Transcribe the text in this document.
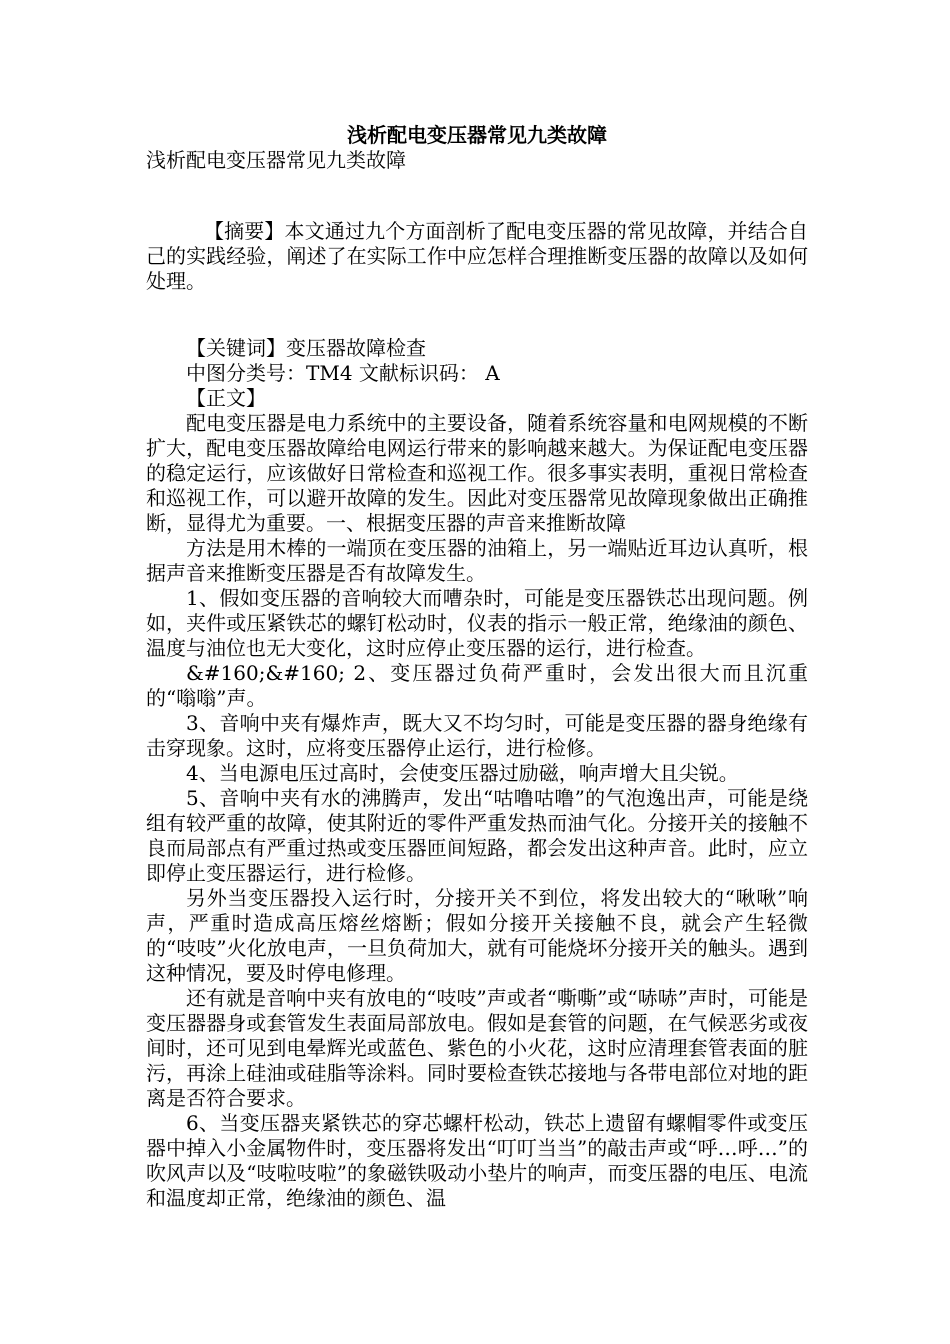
浅析配电变压器常见九类故障

浅析配电变压器常见九类故障

【摘要】本文通过九个方面剖析了配电变压器的常见故障，并结合自己的实践经验，阐述了在实际工作中应怎样合理推断变压器的故障以及如何处理。

【关键词】变压器故障检查

中图分类号：TM4 文献标识码： A

【正文】

配电变压器是电力系统中的主要设备，随着系统容量和电网规模的不断扩大，配电变压器故障给电网运行带来的影响越来越大。为保证配电变压器的稳定运行，应该做好日常检查和巡视工作。很多事实表明，重视日常检查和巡视工作，可以避开故障的发生。因此对变压器常见故障现象做出正确推断，显得尤为重要。一、根据变压器的声音来推断故障

方法是用木棒的一端顶在变压器的油箱上，另一端贴近耳边认真听，根据声音来推断变压器是否有故障发生。

1、假如变压器的音响较大而嘈杂时，可能是变压器铁芯出现问题。例如，夹件或压紧铁芯的螺钉松动时，仪表的指示一般正常，绝缘油的颜色、温度与油位也无大变化，这时应停止变压器的运行，进行检查。

&#160;&#160; 2、变压器过负荷严重时，会发出很大而且沉重的“嗡嗡”声。

3、音响中夹有爆炸声，既大又不均匀时，可能是变压器的器身绝缘有击穿现象。这时，应将变压器停止运行，进行检修。

4、当电源电压过高时，会使变压器过励磁，响声增大且尖锐。

5、音响中夹有水的沸腾声，发出“咕噜咕噜”的气泡逸出声，可能是绕组有较严重的故障，使其附近的零件严重发热而油气化。分接开关的接触不良而局部点有严重过热或变压器匝间短路，都会发出这种声音。此时，应立即停止变压器运行，进行检修。

另外当变压器投入运行时，分接开关不到位，将发出较大的“啾啾”响声，严重时造成高压熔丝熔断；假如分接开关接触不良，就会产生轻微的“吱吱”火化放电声，一旦负荷加大，就有可能烧坏分接开关的触头。遇到这种情况，要及时停电修理。

还有就是音响中夹有放电的“吱吱”声或者“嘶嘶”或“哧哧”声时，可能是变压器器身或套管发生表面局部放电。假如是套管的问题，在气候恶劣或夜间时，还可见到电晕辉光或蓝色、紫色的小火花，这时应清理套管表面的脏污，再涂上硅油或硅脂等涂料。同时要检查铁芯接地与各带电部位对地的距离是否符合要求。

6、当变压器夹紧铁芯的穿芯螺杆松动，铁芯上遗留有螺帽零件或变压器中掉入小金属物件时，变压器将发出“叮叮当当”的敲击声或“呼…呼…”的吹风声以及“吱啦吱啦”的象磁铁吸动小垫片的响声，而变压器的电压、电流和温度却正常，绝缘油的颜色、温
